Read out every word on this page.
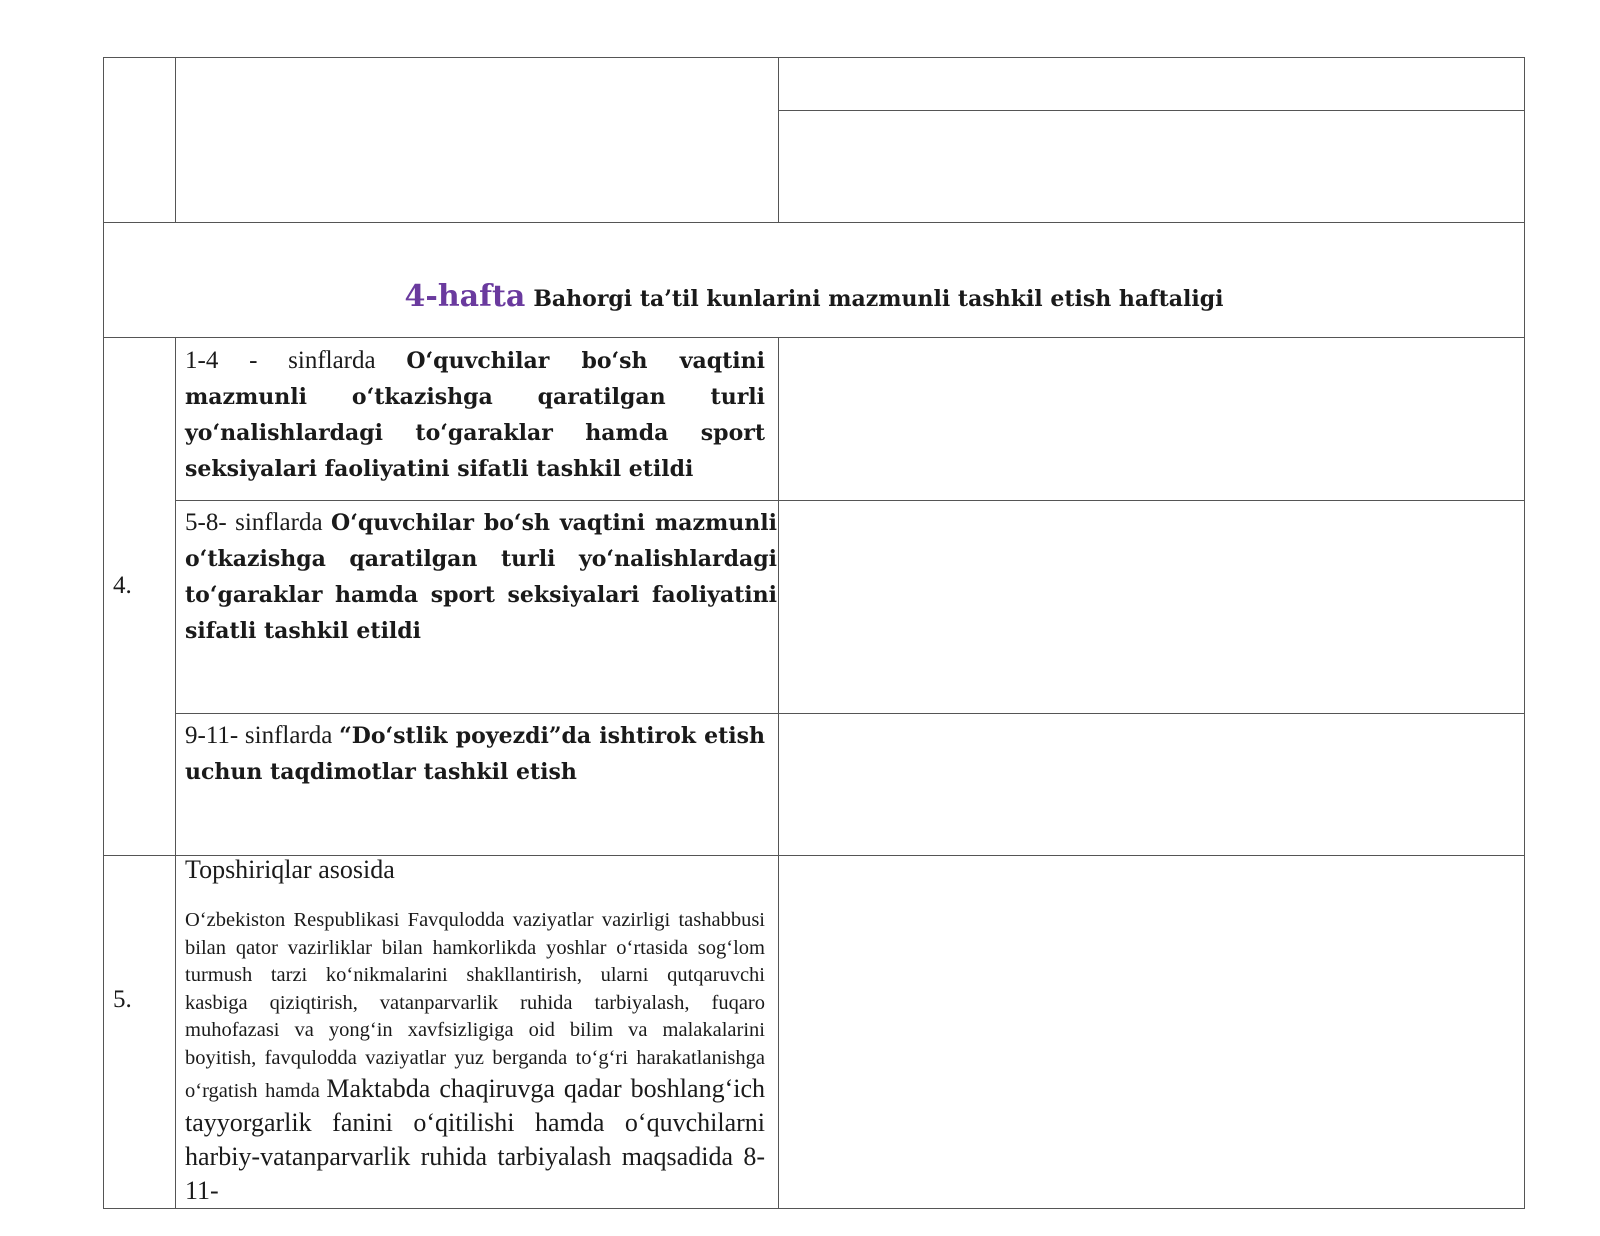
4-hafta Bahorgi ta’til kunlarini mazmunli tashkil etish haftaligi
4.
1-4 - sinflarda O‘quvchilar bo‘sh vaqtini mazmunli o‘tkazishga qaratilgan turli yo‘nalishlardagi to‘garaklar hamda sport seksiyalari faoliyatini sifatli tashkil etildi
5-8- sinflarda O‘quvchilar bo‘sh vaqtini mazmunli o‘tkazishga qaratilgan turli yo‘nalishlardagi to‘garaklar hamda sport seksiyalari faoliyatini sifatli tashkil etildi
9-11- sinflarda “Do‘stlik poyezdi”da ishtirok etish uchun taqdimotlar tashkil etish
5.
Topshiriqlar asosida
O‘zbekiston Respublikasi Favqulodda vaziyatlar vazirligi tashabbusi bilan qator vazirliklar bilan hamkorlikda yoshlar o‘rtasida sog‘lom turmush tarzi ko‘nikmalarini shakllantirish, ularni qutqaruvchi kasbiga qiziqtirish, vatanparvarlik ruhida tarbiyalash, fuqaro muhofazasi va yong‘in xavfsizligiga oid bilim va malakalarini boyitish, favqulodda vaziyatlar yuz berganda to‘g‘ri harakatlanishga o‘rgatish hamda Maktabda chaqiruvga qadar boshlang‘ich tayyorgarlik fanini o‘qitilishi hamda o‘quvchilarni harbiy-vatanparvarlik ruhida tarbiyalash maqsadida 8-11-
